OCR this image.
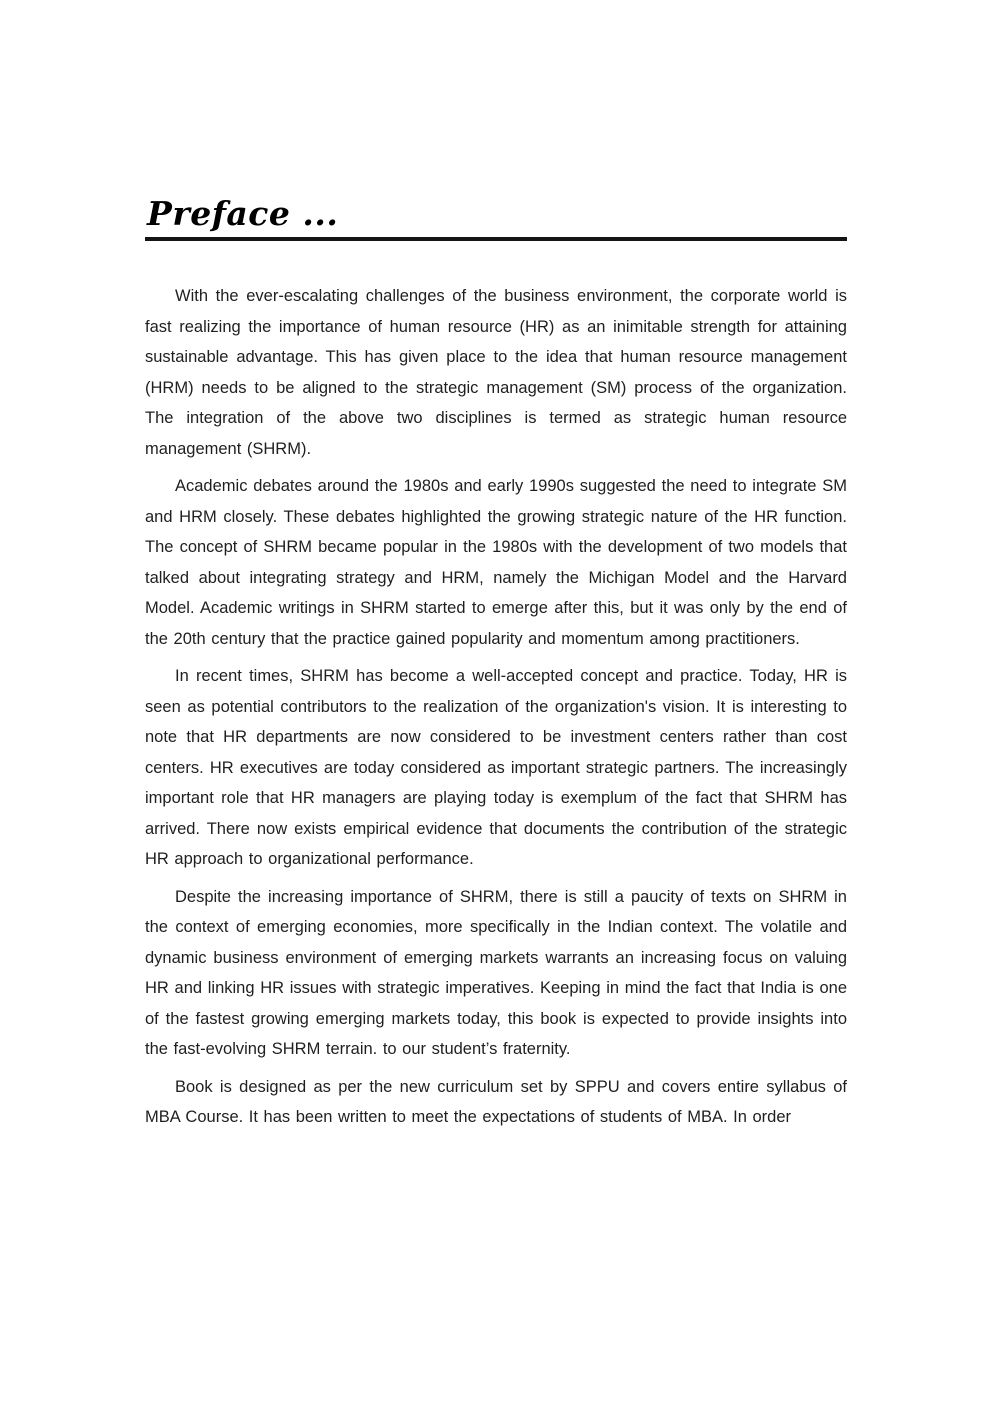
Preface ...

With the ever-escalating challenges of the business environment, the corporate world is fast realizing the importance of human resource (HR) as an inimitable strength for attaining sustainable advantage. This has given place to the idea that human resource management (HRM) needs to be aligned to the strategic management (SM) process of the organization. The integration of the above two disciplines is termed as strategic human resource management (SHRM).

Academic debates around the 1980s and early 1990s suggested the need to integrate SM and HRM closely. These debates highlighted the growing strategic nature of the HR function. The concept of SHRM became popular in the 1980s with the development of two models that talked about integrating strategy and HRM, namely the Michigan Model and the Harvard Model. Academic writings in SHRM started to emerge after this, but it was only by the end of the 20th century that the practice gained popularity and momentum among practitioners.

In recent times, SHRM has become a well-accepted concept and practice. Today, HR is seen as potential contributors to the realization of the organization's vision. It is interesting to note that HR departments are now considered to be investment centers rather than cost centers. HR executives are today considered as important strategic partners. The increasingly important role that HR managers are playing today is exemplum of the fact that SHRM has arrived. There now exists empirical evidence that documents the contribution of the strategic HR approach to organizational performance.

Despite the increasing importance of SHRM, there is still a paucity of texts on SHRM in the context of emerging economies, more specifically in the Indian context. The volatile and dynamic business environment of emerging markets warrants an increasing focus on valuing HR and linking HR issues with strategic imperatives. Keeping in mind the fact that India is one of the fastest growing emerging markets today, this book is expected to provide insights into the fast-evolving SHRM terrain. to our student’s fraternity.

Book is designed as per the new curriculum set by SPPU and covers entire syllabus of MBA Course. It has been written to meet the expectations of students of MBA. In order
